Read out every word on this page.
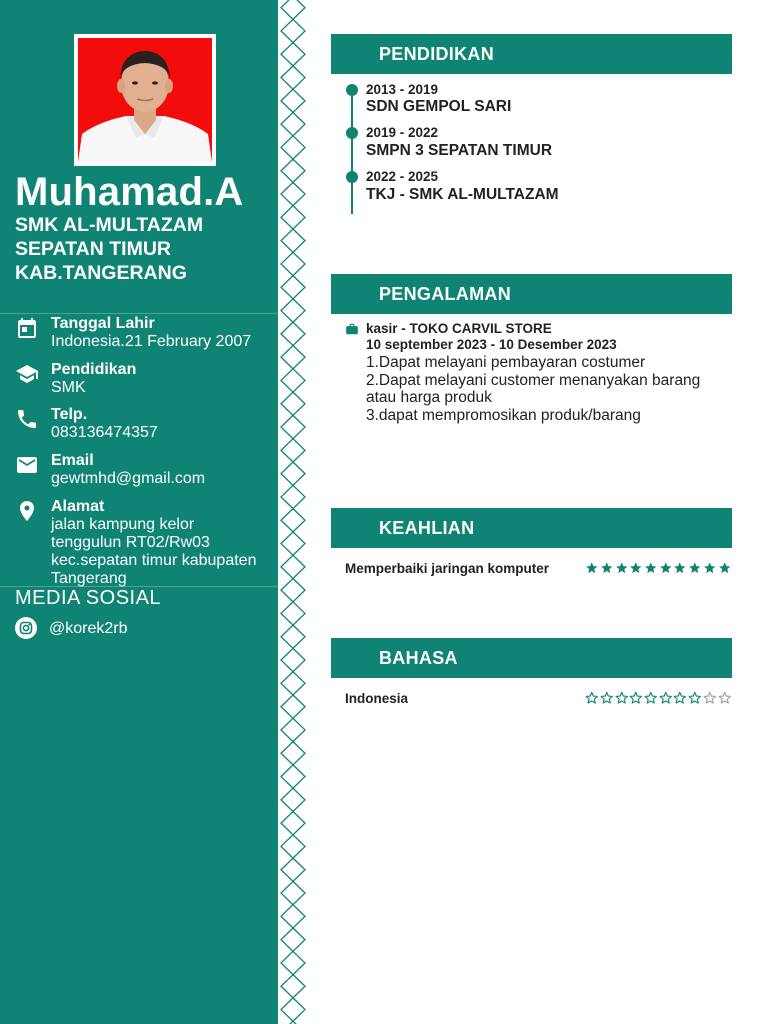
Muhamad.A
SMK AL-MULTAZAM
SEPATAN TIMUR
KAB.TANGERANG
Tanggal Lahir
Indonesia.21 February 2007
Pendidikan
SMK
Telp.
083136474357
Email
gewtmhd@gmail.com
Alamat
jalan kampung kelor
tenggulun RT02/Rw03
kec.sepatan timur kabupaten
Tangerang
MEDIA SOSIAL
@korek2rb
PENDIDIKAN
2013 - 2019
SDN GEMPOL SARI
2019 - 2022
SMPN 3 SEPATAN TIMUR
2022 - 2025
TKJ - SMK AL-MULTAZAM
PENGALAMAN
kasir - TOKO CARVIL STORE
10 september 2023 - 10 Desember 2023
1.Dapat melayani pembayaran costumer
2.Dapat melayani customer menanyakan barang
atau harga produk
3.dapat mempromosikan produk/barang
KEAHLIAN
Memperbaiki jaringan komputer
BAHASA
Indonesia
